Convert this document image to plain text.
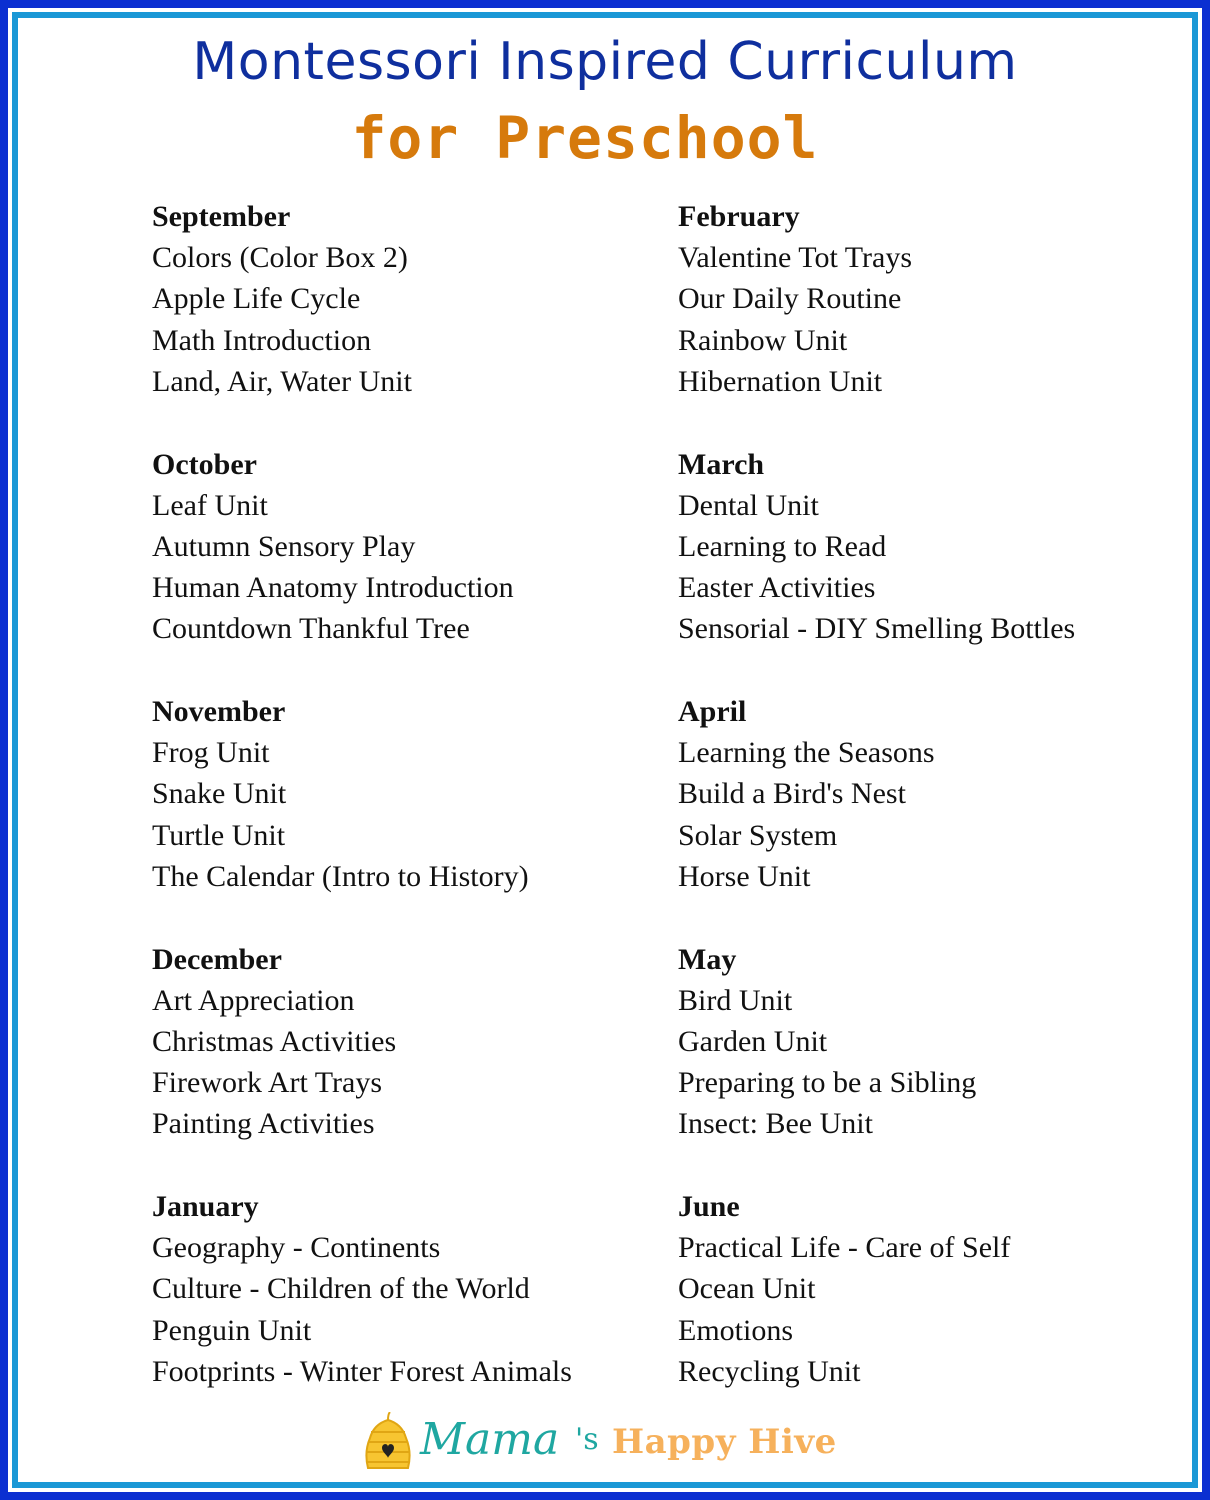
Montessori Inspired Curriculum
for Preschool
September
Colors (Color Box 2)
Apple Life Cycle
Math Introduction
Land, Air, Water Unit
October
Leaf Unit
Autumn Sensory Play
Human Anatomy Introduction
Countdown Thankful Tree
November
Frog Unit
Snake Unit
Turtle Unit
The Calendar (Intro to History)
December
Art Appreciation
Christmas Activities
Firework Art Trays
Painting Activities
January
Geography - Continents
Culture - Children of the World
Penguin Unit
Footprints - Winter Forest Animals
February
Valentine Tot Trays
Our Daily Routine
Rainbow Unit
Hibernation Unit
March
Dental Unit
Learning to Read
Easter Activities
Sensorial - DIY Smelling Bottles
April
Learning the Seasons
Build a Bird's Nest
Solar System
Horse Unit
May
Bird Unit
Garden Unit
Preparing to be a Sibling
Insect: Bee Unit
June
Practical Life - Care of Self
Ocean Unit
Emotions
Recycling Unit
Mama 's Happy Hive
